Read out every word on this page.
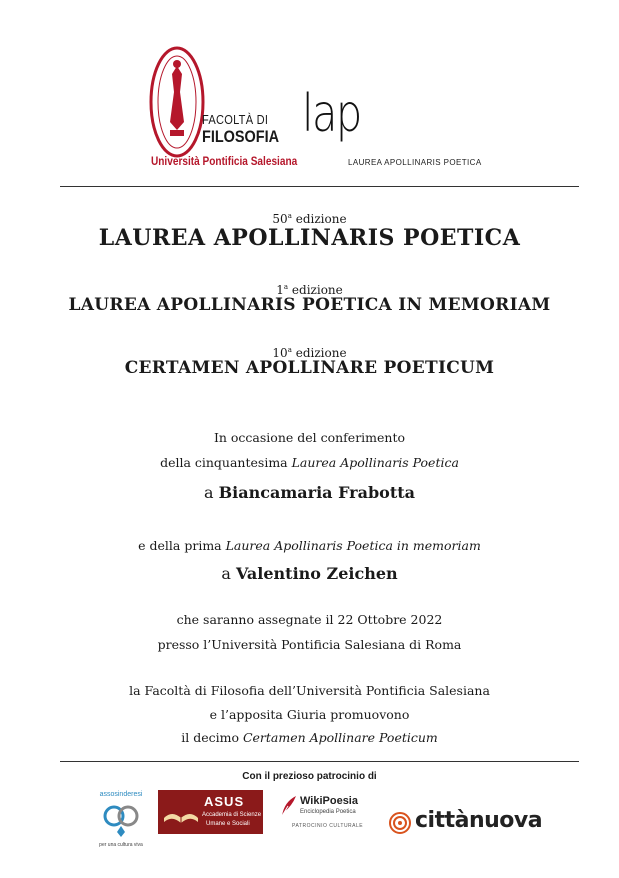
FACOLTÀ DI
FILOSOFIA
Università Pontificia Salesiana
lap
LAUREA APOLLINARIS POETICA
50$^a$ edizione
LAUREA APOLLINARIS POETICA
1$^a$ edizione
LAUREA APOLLINARIS POETICA IN MEMORIAM
10$^a$ edizione
CERTAMEN APOLLINARE POETICUM
In occasione del conferimento
della cinquantesima Laurea Apollinaris Poetica
a Biancamaria Frabotta
e della prima Laurea Apollinaris Poetica in memoriam
a Valentino Zeichen
che saranno assegnate il 22 Ottobre 2022
presso l’Università Pontificia Salesiana di Roma
la Facoltà di Filosofia dell’Università Pontificia Salesiana
e l’apposita Giuria promuovono
il decimo Certamen Apollinare Poeticum
Con il prezioso patrocinio di
assosinderesi
per una cultura viva
ASUS
Accademia di Scienze
Umane e Sociali
WikiPoesia
Enciclopedia Poetica
PATROCINIO CULTURALE cittànuova
